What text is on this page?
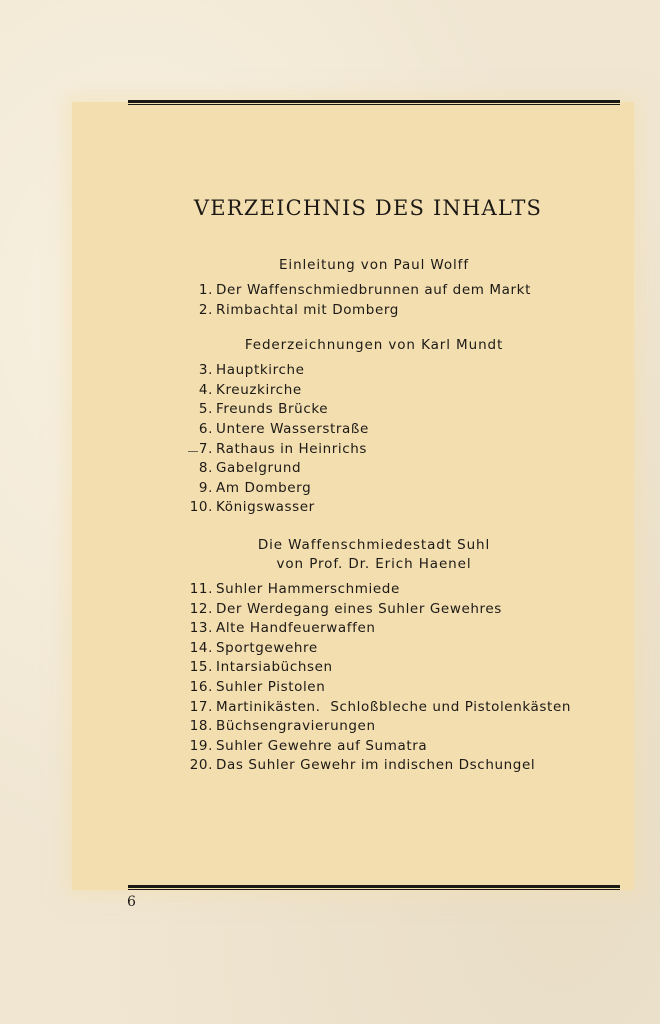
VERZEICHNIS DES INHALTS
Einleitung von Paul Wolff
1. Der Waffenschmiedbrunnen auf dem Markt
2. Rimbachtal mit Domberg
Federzeichnungen von Karl Mundt
3. Hauptkirche
4. Kreuzkirche
5. Freunds Brücke
6. Untere Wasserstraße
7. Rathaus in Heinrichs
8. Gabelgrund
9. Am Domberg
10. Königswasser
Die Waffenschmiedestadt Suhl
von Prof. Dr. Erich Haenel
11. Suhler Hammerschmiede
12. Der Werdegang eines Suhler Gewehres
13. Alte Handfeuerwaffen
14. Sportgewehre
15. Intarsiabüchsen
16. Suhler Pistolen
17. Martinikästen.  Schloßbleche und Pistolenkästen
18. Büchsengravierungen
19. Suhler Gewehre auf Sumatra
20. Das Suhler Gewehr im indischen Dschungel
6
